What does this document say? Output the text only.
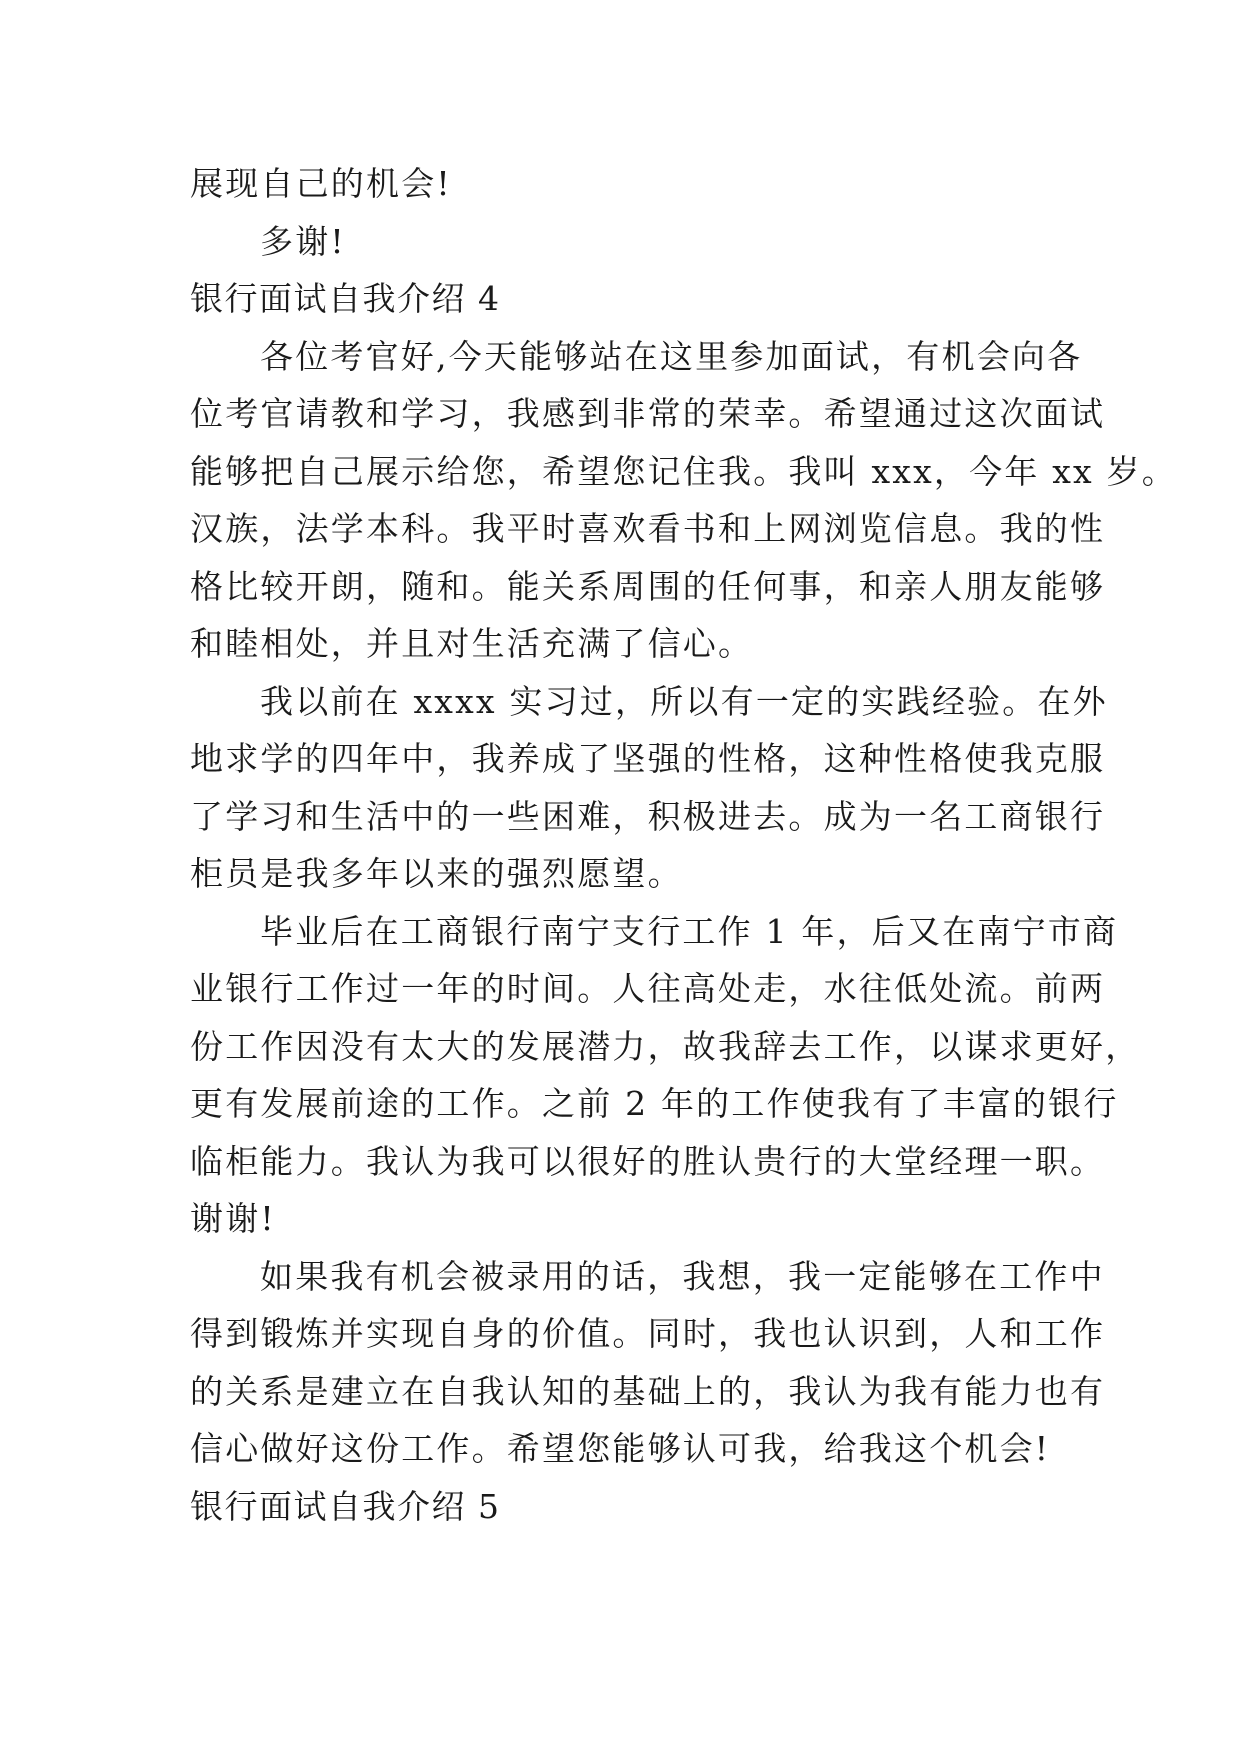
展现自己的机会!
多谢!
银行面试自我介绍 4
各位考官好,今天能够站在这里参加面试，有机会向各
位考官请教和学习，我感到非常的荣幸。希望通过这次面试
能够把自己展示给您，希望您记住我。我叫 xxx，今年 xx 岁。
汉族，法学本科。我平时喜欢看书和上网浏览信息。我的性
格比较开朗，随和。能关系周围的任何事，和亲人朋友能够
和睦相处，并且对生活充满了信心。
我以前在 xxxx 实习过，所以有一定的实践经验。在外
地求学的四年中，我养成了坚强的性格，这种性格使我克服
了学习和生活中的一些困难，积极进去。成为一名工商银行
柜员是我多年以来的强烈愿望。
毕业后在工商银行南宁支行工作 1 年，后又在南宁市商
业银行工作过一年的时间。人往高处走，水往低处流。前两
份工作因没有太大的发展潜力，故我辞去工作，以谋求更好，
更有发展前途的工作。之前 2 年的工作使我有了丰富的银行
临柜能力。我认为我可以很好的胜认贵行的大堂经理一职。
谢谢!
如果我有机会被录用的话，我想，我一定能够在工作中
得到锻炼并实现自身的价值。同时，我也认识到，人和工作
的关系是建立在自我认知的基础上的，我认为我有能力也有
信心做好这份工作。希望您能够认可我，给我这个机会!
银行面试自我介绍 5
